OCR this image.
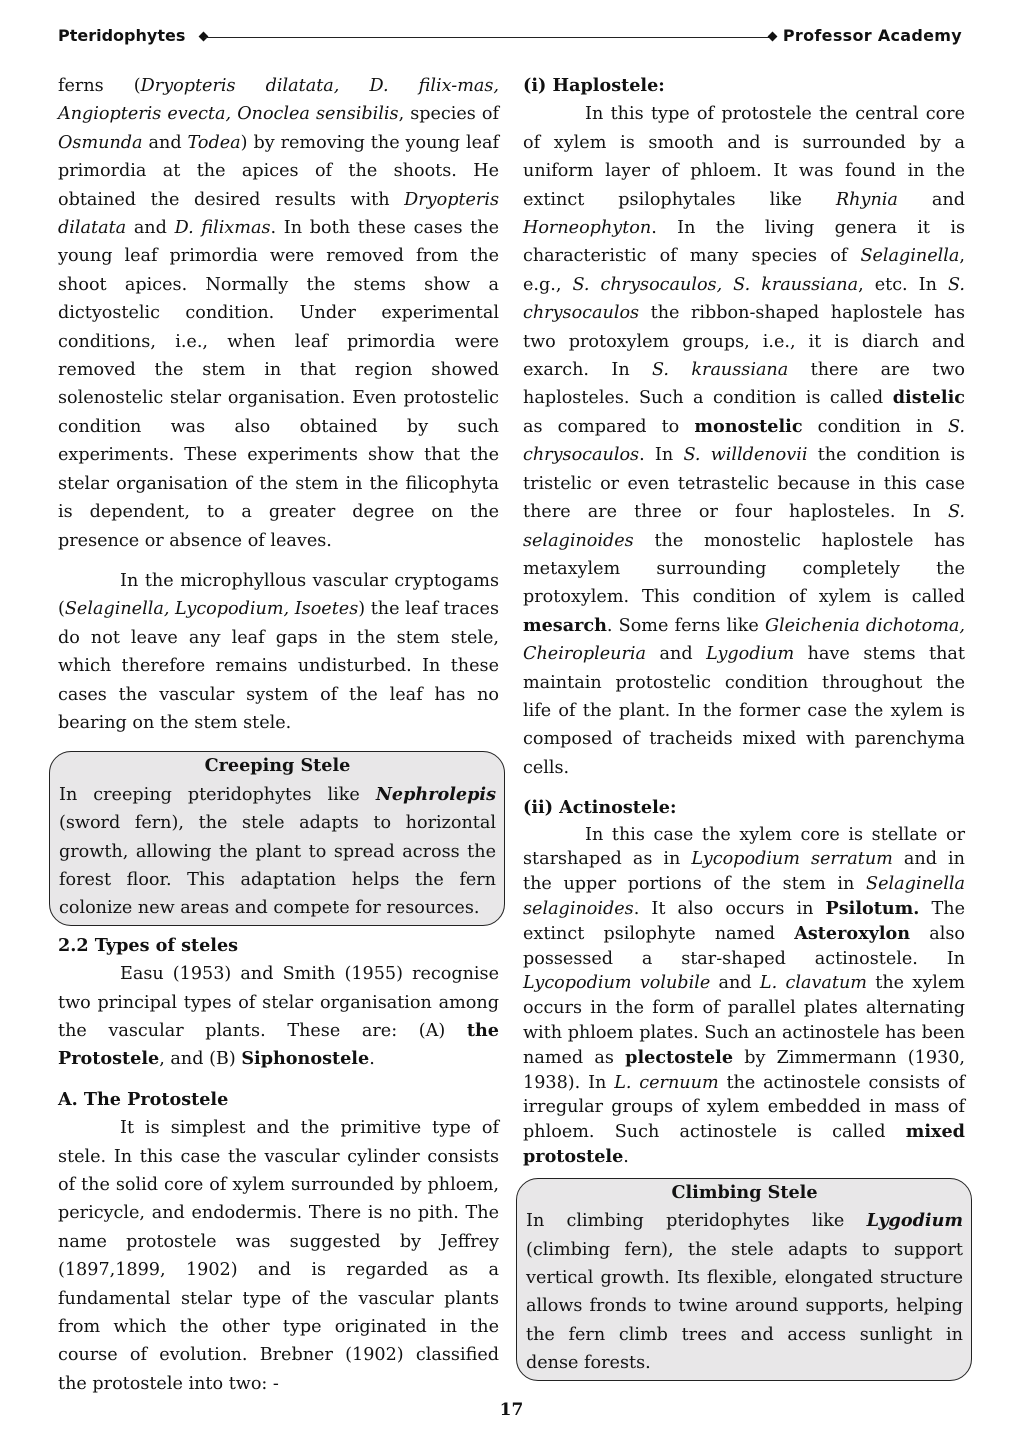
Pteridophytes	Professor Academy

ferns (Dryopteris dilatata, D. filix-mas, Angiopteris evecta, Onoclea sensibilis, species of Osmunda and Todea) by removing the young leaf primordia at the apices of the shoots. He obtained the desired results with Dryopteris dilatata and D. filixmas. In both these cases the young leaf primordia were removed from the shoot apices. Normally the stems show a dictyostelic condition. Under experimental conditions, i.e., when leaf primordia were removed the stem in that region showed solenostelic stelar organisation. Even protostelic condition was also obtained by such experiments. These experiments show that the stelar organisation of the stem in the filicophyta is dependent, to a greater degree on the presence or absence of leaves.

In the microphyllous vascular cryptogams (Selaginella, Lycopodium, Isoetes) the leaf traces do not leave any leaf gaps in the stem stele, which therefore remains undisturbed. In these cases the vascular system of the leaf has no bearing on the stem stele.

Creeping Stele

In creeping pteridophytes like Nephrolepis (sword fern), the stele adapts to horizontal growth, allowing the plant to spread across the forest floor. This adaptation helps the fern colonize new areas and compete for resources.

2.2 Types of steles

Easu (1953) and Smith (1955) recognise two principal types of stelar organisation among the vascular plants. These are: (A) the Protostele, and (B) Siphonostele.

A. The Protostele

It is simplest and the primitive type of stele. In this case the vascular cylinder consists of the solid core of xylem surrounded by phloem, pericycle, and endodermis. There is no pith. The name protostele was suggested by Jeffrey (1897,1899, 1902) and is regarded as a fundamental stelar type of the vascular plants from which the other type originated in the course of evolution. Brebner (1902) classified the protostele into two: -

(i) Haplostele:

In this type of protostele the central core of xylem is smooth and is surrounded by a uniform layer of phloem. It was found in the extinct psilophytales like Rhynia and Horneophyton. In the living genera it is characteristic of many species of Selaginella, e.g., S. chrysocaulos, S. kraussiana, etc. In S. chrysocaulos the ribbon-shaped haplostele has two protoxylem groups, i.e., it is diarch and exarch. In S. kraussiana there are two haplosteles. Such a condition is called distelic as compared to monostelic condition in S. chrysocaulos. In S. willdenovii the condition is tristelic or even tetrastelic because in this case there are three or four haplosteles. In S. selaginoides the monostelic haplostele has metaxylem surrounding completely the protoxylem. This condition of xylem is called mesarch. Some ferns like Gleichenia dichotoma, Cheiropleuria and Lygodium have stems that maintain protostelic condition throughout the life of the plant. In the former case the xylem is composed of tracheids mixed with parenchyma cells.

(ii) Actinostele:

In this case the xylem core is stellate or starshaped as in Lycopodium serratum and in the upper portions of the stem in Selaginella selaginoides. It also occurs in Psilotum. The extinct psilophyte named Asteroxylon also possessed a star-shaped actinostele. In Lycopodium volubile and L. clavatum the xylem occurs in the form of parallel plates alternating with phloem plates. Such an actinostele has been named as plectostele by Zimmermann (1930, 1938). In L. cernuum the actinostele consists of irregular groups of xylem embedded in mass of phloem. Such actinostele is called mixed protostele.

Climbing Stele

In climbing pteridophytes like Lygodium (climbing fern), the stele adapts to support vertical growth. Its flexible, elongated structure allows fronds to twine around supports, helping the fern climb trees and access sunlight in dense forests.

17
